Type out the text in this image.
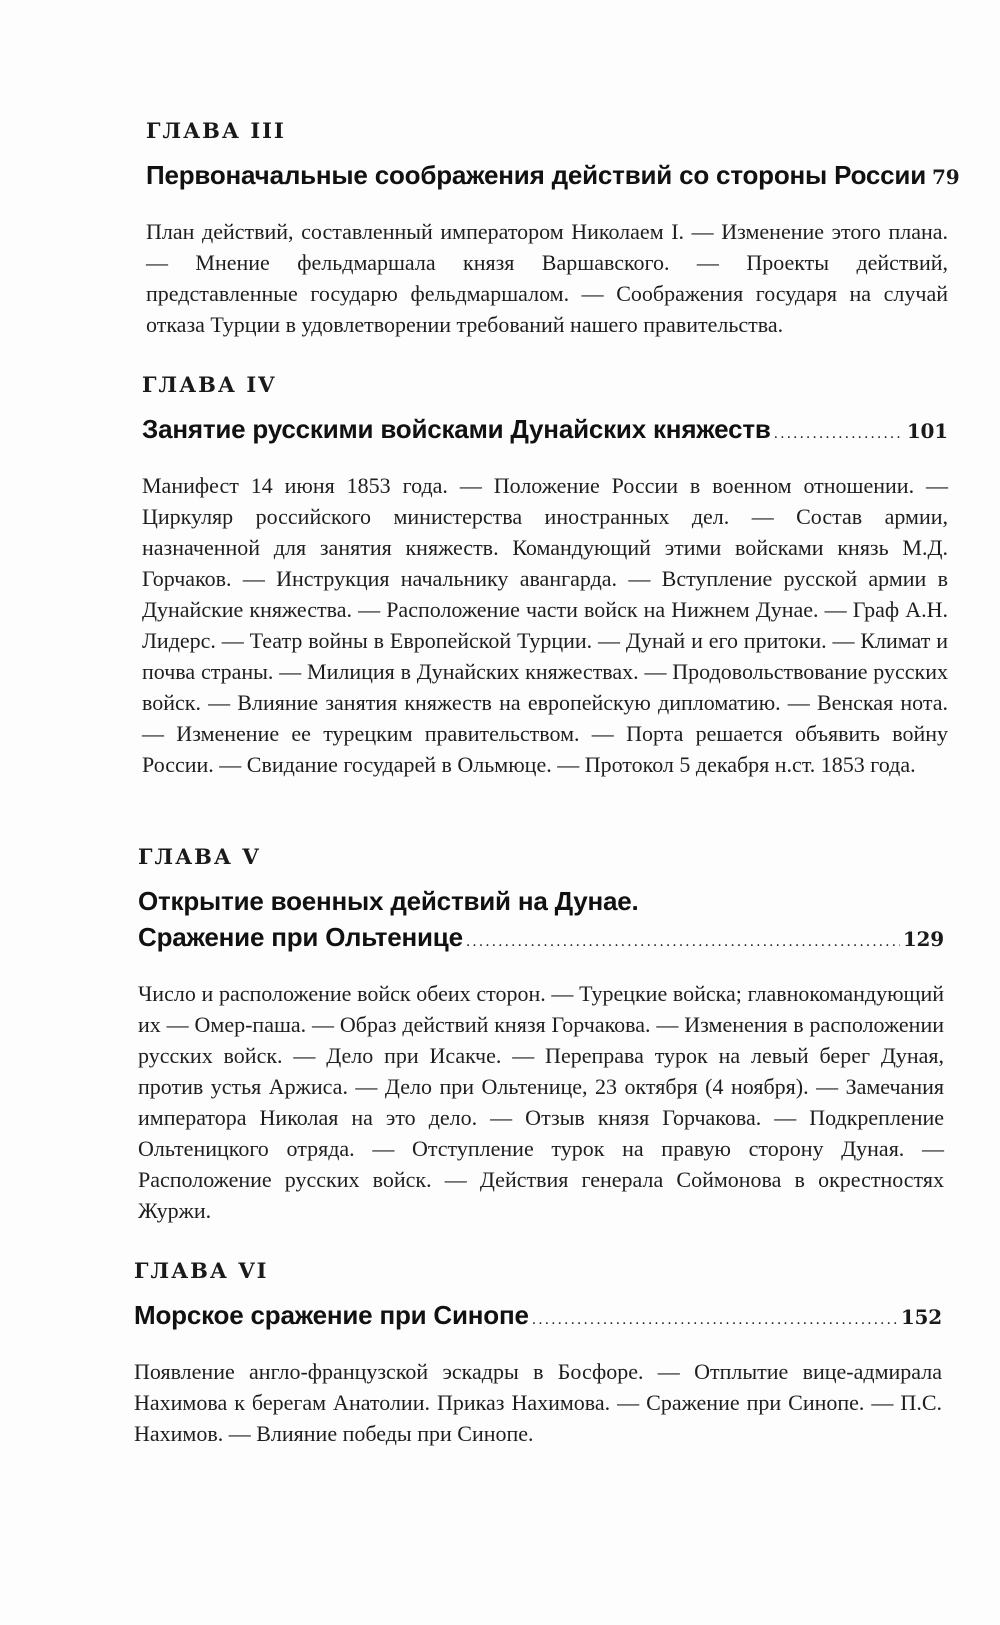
ГЛАВА III
Первоначальные соображения действий со стороны России 79

План действий, составленный императором Николаем I. — Изменение этого плана. — Мнение фельдмаршала князя Варшавского. — Проекты действий, представленные государю фельдмаршалом. — Соображения государя на случай отказа Турции в удовлетворении требований нашего правительства.

ГЛАВА IV
Занятие русскими войсками Дунайских княжеств .....	101

Манифест 14 июня 1853 года. — Положение России в военном отношении. — Циркуляр российского министерства иностранных дел. — Состав армии, назначенной для занятия княжеств. Командующий этими войсками князь М.Д. Горчаков. — Инструкция начальнику авангарда. — Вступление русской армии в Дунайские княжества. — Расположение части войск на Нижнем Дунае. — Граф А.Н. Лидерс. — Театр войны в Европейской Турции. — Дунай и его притоки. — Климат и почва страны. — Милиция в Дунайских княжествах. — Продовольствование русских войск. — Влияние занятия княжеств на европейскую дипломатию. — Венская нота. — Изменение ее турецким правительством. — Порта решается объявить войну России. — Свидание государей в Ольмюце. — Протокол 5 декабря н.ст. 1853 года.

ГЛАВА V
Открытие военных действий на Дунае.
Сражение при Ольтенице .....	129

Число и расположение войск обеих сторон. — Турецкие войска; главнокомандующий их — Омер-паша. — Образ действий князя Горчакова. — Изменения в расположении русских войск. — Дело при Исакче. — Переправа турок на левый берег Дуная, против устья Аржиса. — Дело при Ольтенице, 23 октября (4 ноября). — Замечания императора Николая на это дело. — Отзыв князя Горчакова. — Подкрепление Ольтеницкого отряда. — Отступление турок на правую сторону Дуная. — Расположение русских войск. — Действия генерала Соймонова в окрестностях Журжи.

ГЛАВА VI
Морское сражение при Синопе .....	152

Появление англо-французской эскадры в Босфоре. — Отплытие вице-адмирала Нахимова к берегам Анатолии. Приказ Нахимова. — Сражение при Синопе. — П.С. Нахимов. — Влияние победы при Синопе.
